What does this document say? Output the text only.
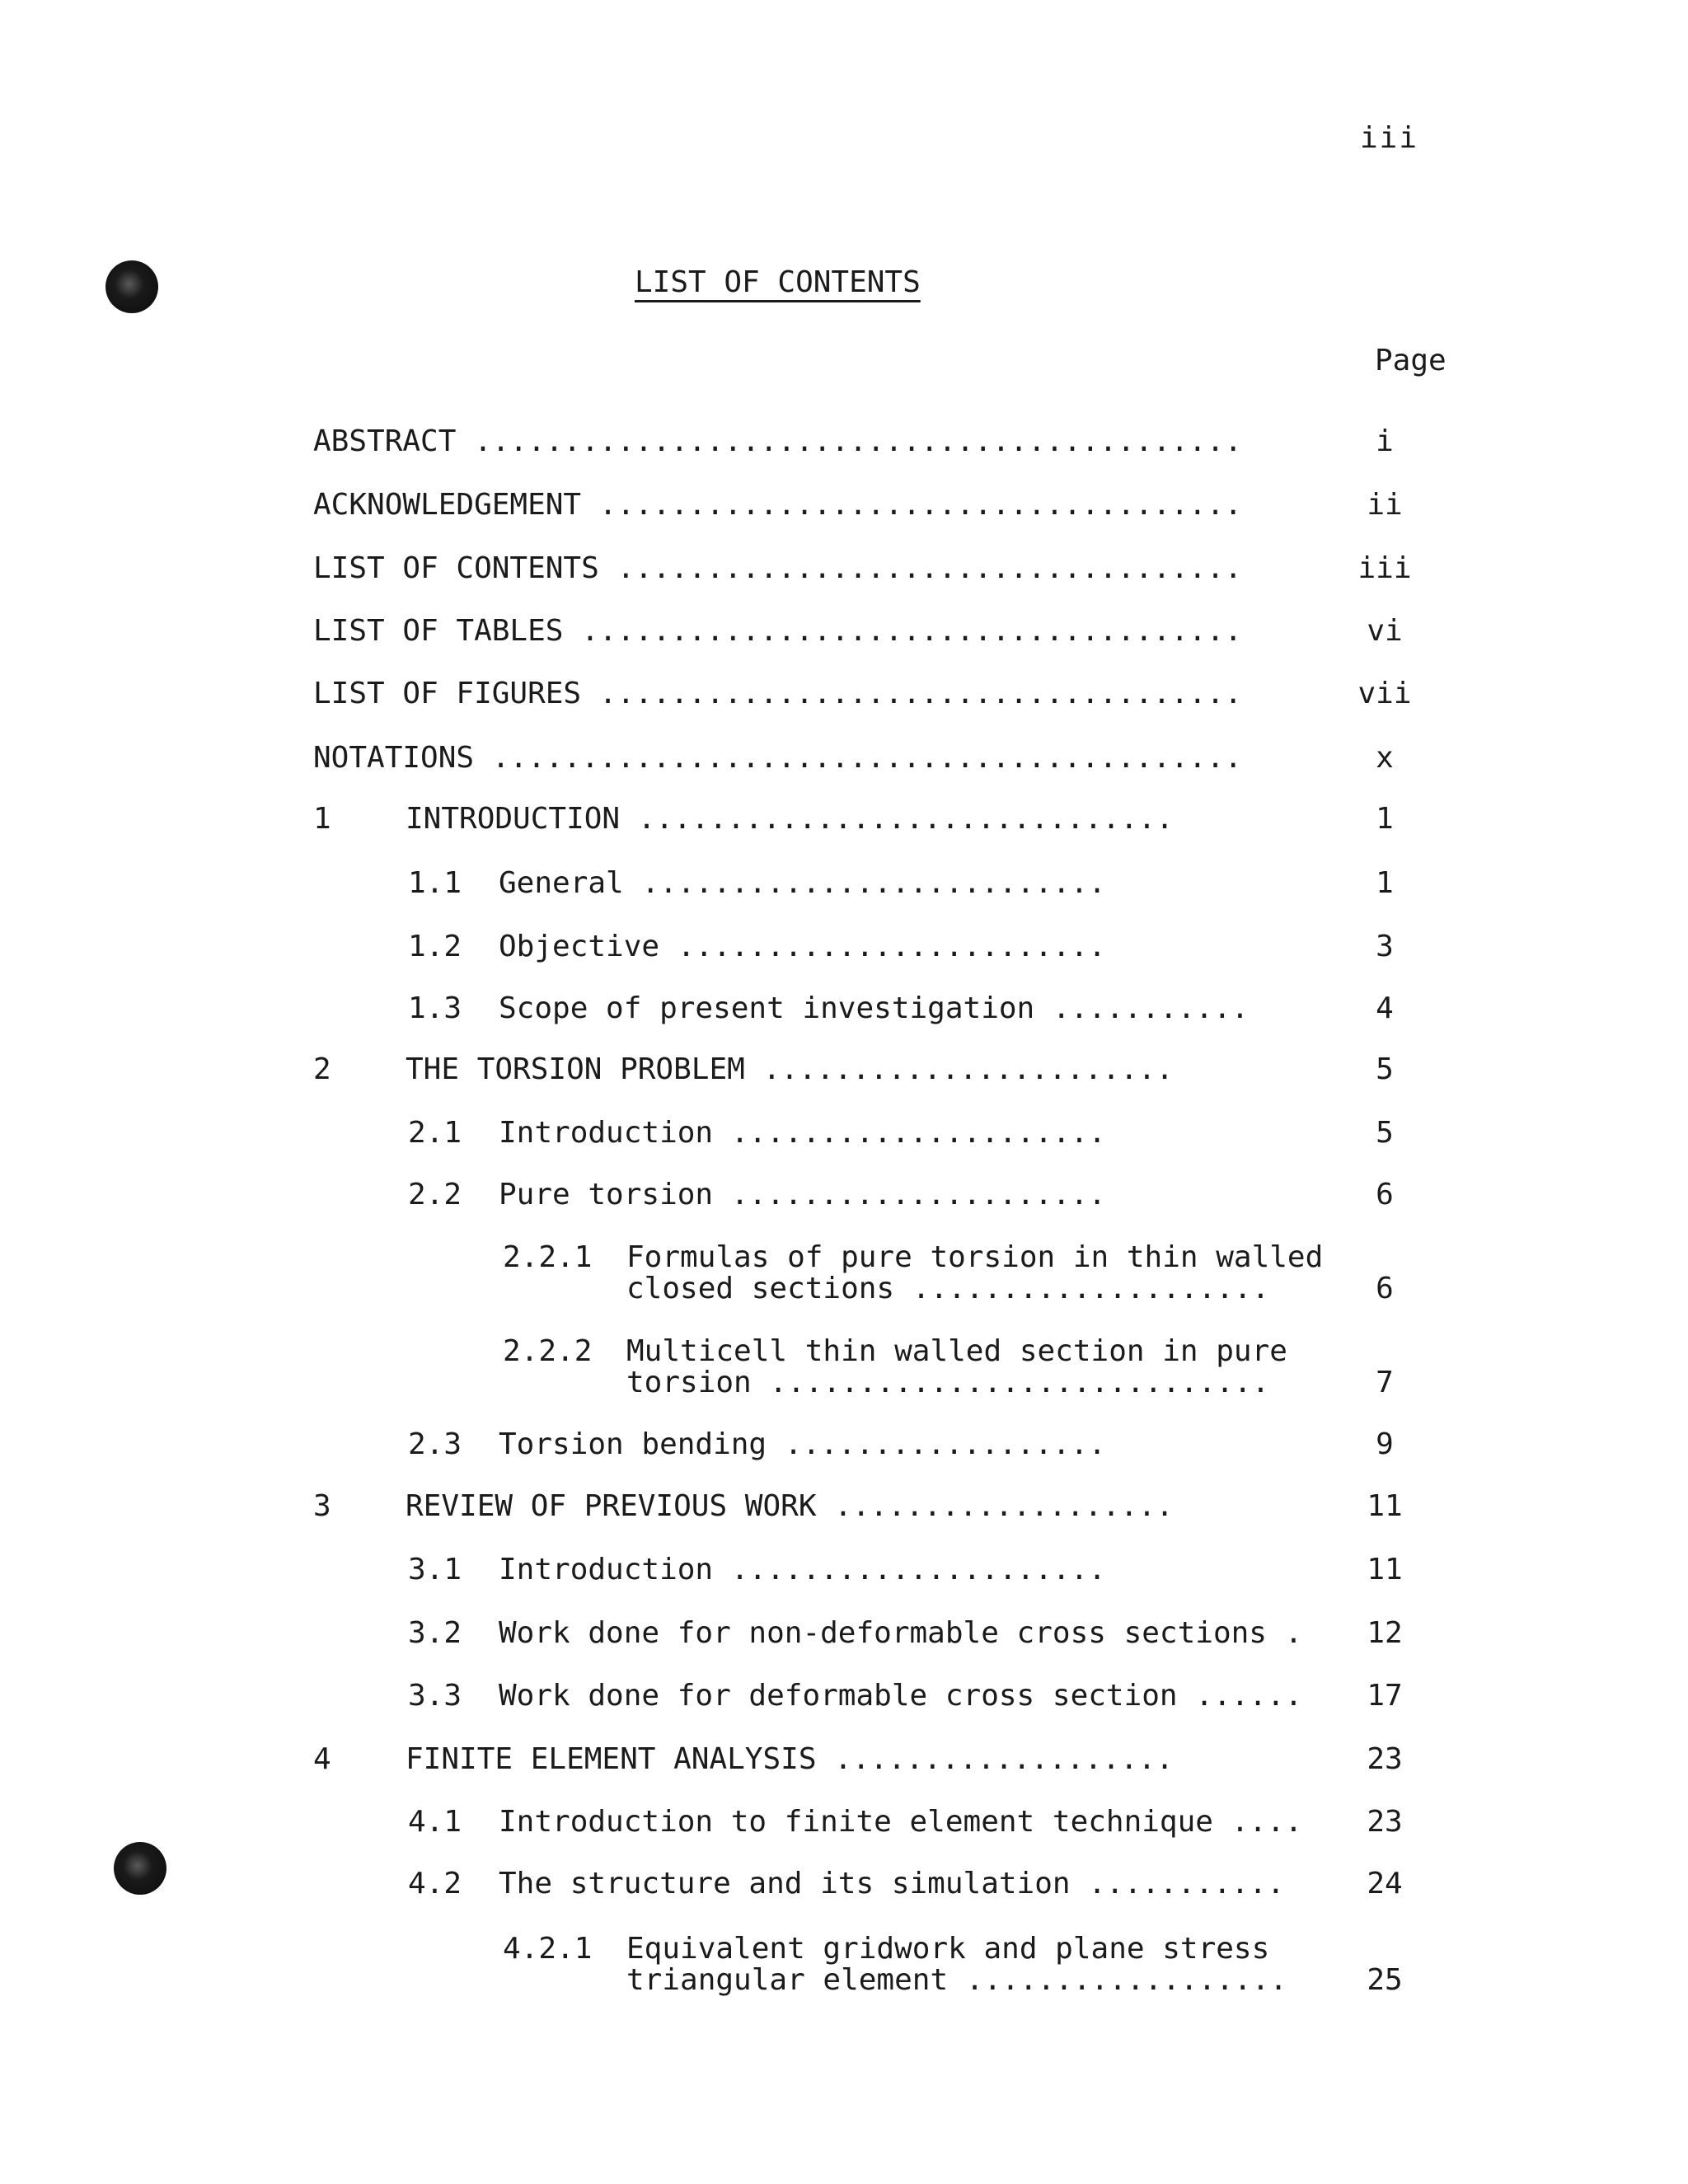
iii
LIST OF CONTENTS
Page
ABSTRACT ...........................................	i
ACKNOWLEDGEMENT ....................................	ii
LIST OF CONTENTS ...................................	iii
LIST OF TABLES .....................................	vi
LIST OF FIGURES ....................................	vii
NOTATIONS ..........................................	x
1	INTRODUCTION ..............................	1
1.1 General ..........................	1
1.2 Objective ........................	3
1.3 Scope of present investigation ...........	4
2	THE TORSION PROBLEM .......................	5
2.1 Introduction .....................	5
2.2 Pure torsion .....................	6
2.2.1 Formulas of pure torsion in thin walled
closed sections ....................	6
2.2.2 Multicell thin walled section in pure
torsion ............................	7
2.3 Torsion bending ..................	9
3	REVIEW OF PREVIOUS WORK ...................	11
3.1 Introduction .....................	11
3.2 Work done for non-deformable cross sections .	12
3.3 Work done for deformable cross section ......	17
4	FINITE ELEMENT ANALYSIS ...................	23
4.1 Introduction to finite element technique ....	23
4.2 The structure and its simulation ...........	24
4.2.1 Equivalent gridwork and plane stress
triangular element ..................	25
